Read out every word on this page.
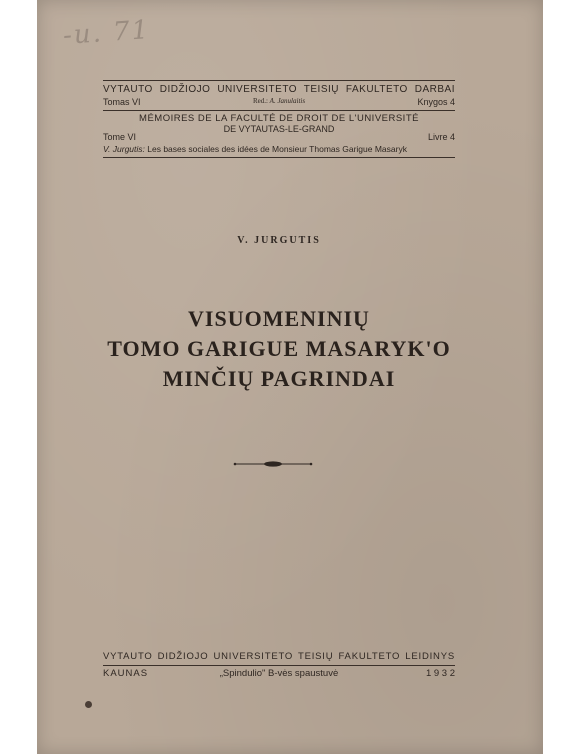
-u. 71
VYTAUTO DIDŽIOJO UNIVERSITETO TEISIŲ FAKULTETO DARBAI
Tomas VI	Red.: A. Janulaitis	Knygos 4
MÉMOIRES DE LA FACULTÉ DE DROIT DE L'UNIVERSITÉ
Tome VI
DE VYTAUTAS-LE-GRAND
Livre 4
V. Jurgutis: Les bases sociales des idées de Monsieur Thomas Garigue Masaryk
V. JURGUTIS
VISUOMENINIŲ
TOMO GARIGUE MASARYK'O
MINČIŲ PAGRINDAI
VYTAUTO DIDŽIOJO UNIVERSITETO TEISIŲ FAKULTETO LEIDINYS
KAUNAS	„Spindulio" B-vės spaustuvė	1 9 3 2
